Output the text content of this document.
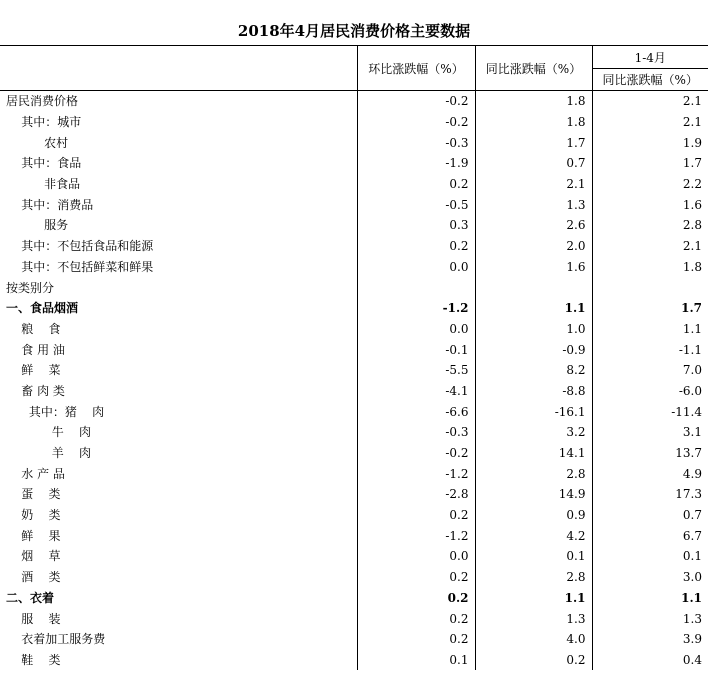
2018年4月居民消费价格主要数据
	环比涨跌幅（%）	同比涨跌幅（%）	1-4月
			同比涨跌幅（%）
居民消费价格	-0.2	1.8	2.1
其中：城市	-0.2	1.8	2.1
农村	-0.3	1.7	1.9
其中：食品	-1.9	0.7	1.7
非食品	0.2	2.1	2.2
其中：消费品	-0.5	1.3	1.6
服务	0.3	2.6	2.8
其中：不包括食品和能源	0.2	2.0	2.1
其中：不包括鲜菜和鲜果	0.0	1.6	1.8
按类别分			
一、食品烟酒	-1.2	1.1	1.7
粮    食	0.0	1.0	1.1
食 用 油	-0.1	-0.9	-1.1
鲜    菜	-5.5	8.2	7.0
畜 肉 类	-4.1	-8.8	-6.0
其中：猪    肉	-6.6	-16.1	-11.4
牛    肉	-0.3	3.2	3.1
羊    肉	-0.2	14.1	13.7
水 产 品	-1.2	2.8	4.9
蛋    类	-2.8	14.9	17.3
奶    类	0.2	0.9	0.7
鲜    果	-1.2	4.2	6.7
烟    草	0.0	0.1	0.1
酒    类	0.2	2.8	3.0
二、衣着	0.2	1.1	1.1
服    装	0.2	1.3	1.3
衣着加工服务费	0.2	4.0	3.9
鞋    类	0.1	0.2	0.4
